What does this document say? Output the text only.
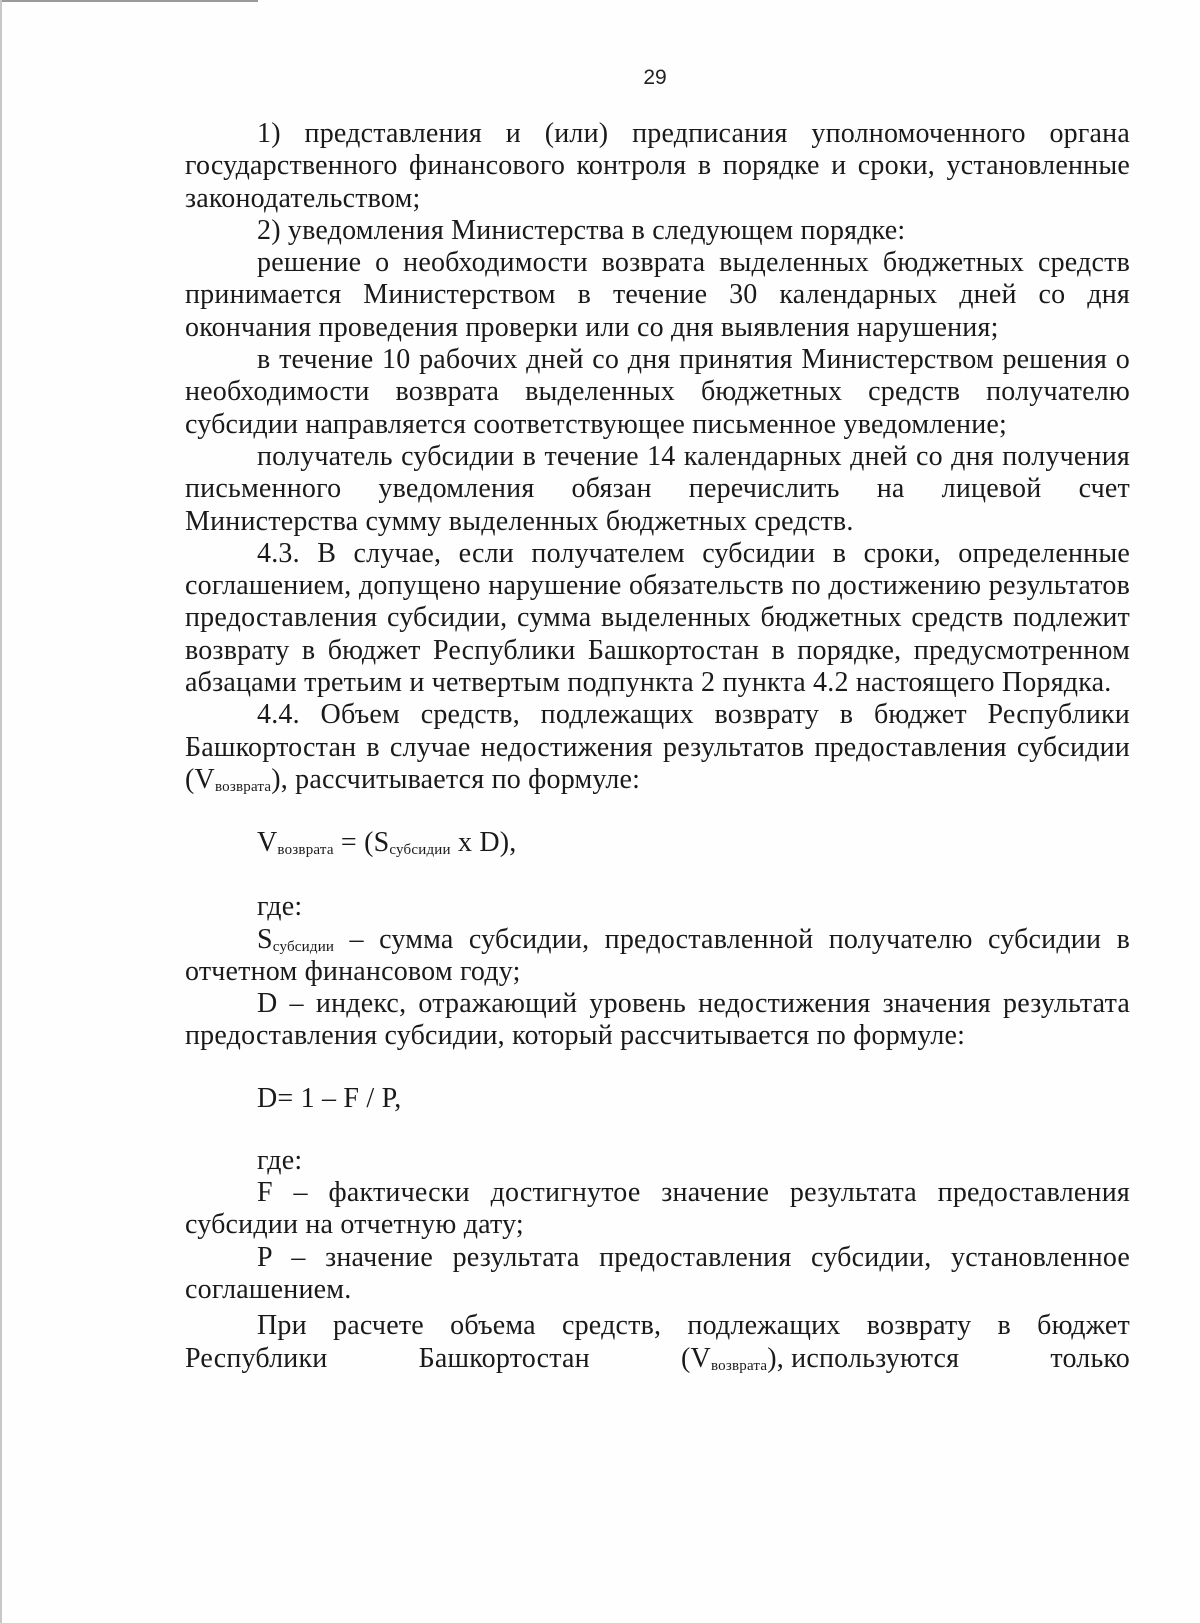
29

1) представления и (или) предписания уполномоченного органа государственного финансового контроля в порядке и сроки, установленные законодательством;

2) уведомления Министерства в следующем порядке:

решение о необходимости возврата выделенных бюджетных средств принимается Министерством в течение 30 календарных дней со дня окончания проведения проверки или со дня выявления нарушения;

в течение 10 рабочих дней со дня принятия Министерством решения о необходимости возврата выделенных бюджетных средств получателю субсидии направляется соответствующее письменное уведомление;

получатель субсидии в течение 14 календарных дней со дня получения письменного уведомления обязан перечислить на лицевой счет Министерства сумму выделенных бюджетных средств.

4.3. В случае, если получателем субсидии в сроки, определенные соглашением, допущено нарушение обязательств по достижению результатов предоставления субсидии, сумма выделенных бюджетных средств подлежит возврату в бюджет Республики Башкортостан в порядке, предусмотренном абзацами третьим и четвертым подпункта 2 пункта 4.2 настоящего Порядка.

4.4. Объем средств, подлежащих возврату в бюджет Республики Башкортостан в случае недостижения результатов предоставления субсидии $(V_{возврата})$, рассчитывается по формуле:

$V_{возврата} = (S_{субсидии}$ x D),

где:

$S_{субсидии}$ – сумма субсидии, предоставленной получателю субсидии в отчетном финансовом году;

D – индекс, отражающий уровень недостижения значения результата предоставления субсидии, который рассчитывается по формуле:

D= 1 – F / P,

где:

F – фактически достигнутое значение результата предоставления субсидии на отчетную дату;

P – значение результата предоставления субсидии, установленное соглашением.

При расчете объема средств, подлежащих возврату в бюджет

Республики	Башкортостан	$(V_{возврата})$, используются	только
